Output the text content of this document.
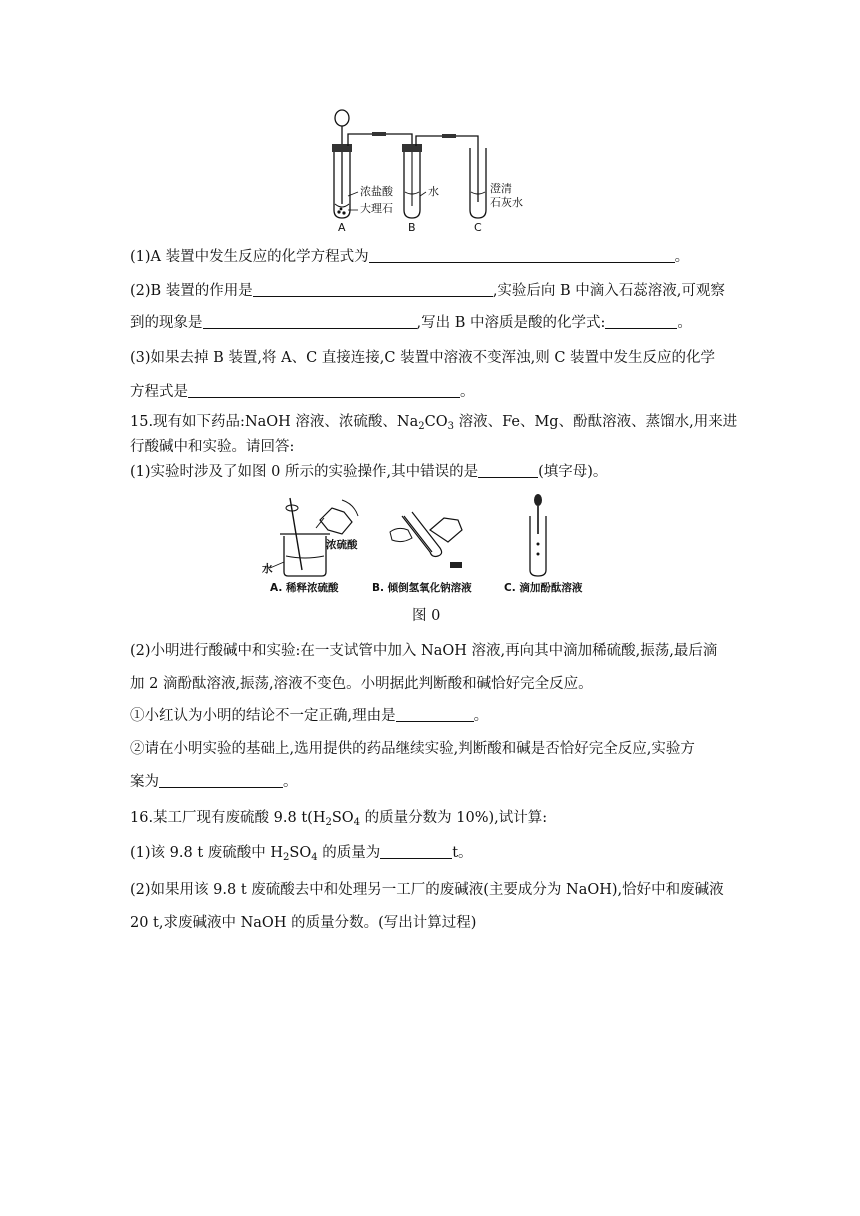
浓盐酸
大理石
水	澄清
石灰水
A	B	C
(1)A 装置中发生反应的化学方程式为	。
(2)B 装置的作用是	,实验后向 B 中滴入石蕊溶液,可观察
到的现象是	,写出 B 中溶质是酸的化学式:	。
(3)如果去掉 B 装置,将 A、C 直接连接,C 装置中溶液不变浑浊,则 C 装置中发生反应的化学
方程式是	。
15.现有如下药品:NaOH 溶液、浓硫酸、$Na_2CO_3$ 溶液、Fe、Mg、酚酞溶液、蒸馏水,用来进
行酸碱中和实验。请回答:
(1)实验时涉及了如图 0 所示的实验操作,其中错误的是	(填字母)。
浓硫酸
水
A. 稀释浓硫酸	B. 倾倒氢氧化钠溶液	C. 滴加酚酞溶液
图 0
(2)小明进行酸碱中和实验:在一支试管中加入 NaOH 溶液,再向其中滴加稀硫酸,振荡,最后滴
加 2 滴酚酞溶液,振荡,溶液不变色。小明据此判断酸和碱恰好完全反应。
①小红认为小明的结论不一定正确,理由是	。
②请在小明实验的基础上,选用提供的药品继续实验,判断酸和碱是否恰好完全反应,实验方
案为	。
16.某工厂现有废硫酸 9.8 $t(H_2SO_4$ 的质量分数为 10%),试计算:
(1)该 9.8 t 废硫酸中 $H_2SO_4$ 的质量为	t。
(2)如果用该 9.8 t 废硫酸去中和处理另一工厂的废碱液(主要成分为 NaOH),恰好中和废碱液
20 t,求废碱液中 NaOH 的质量分数。(写出计算过程)
